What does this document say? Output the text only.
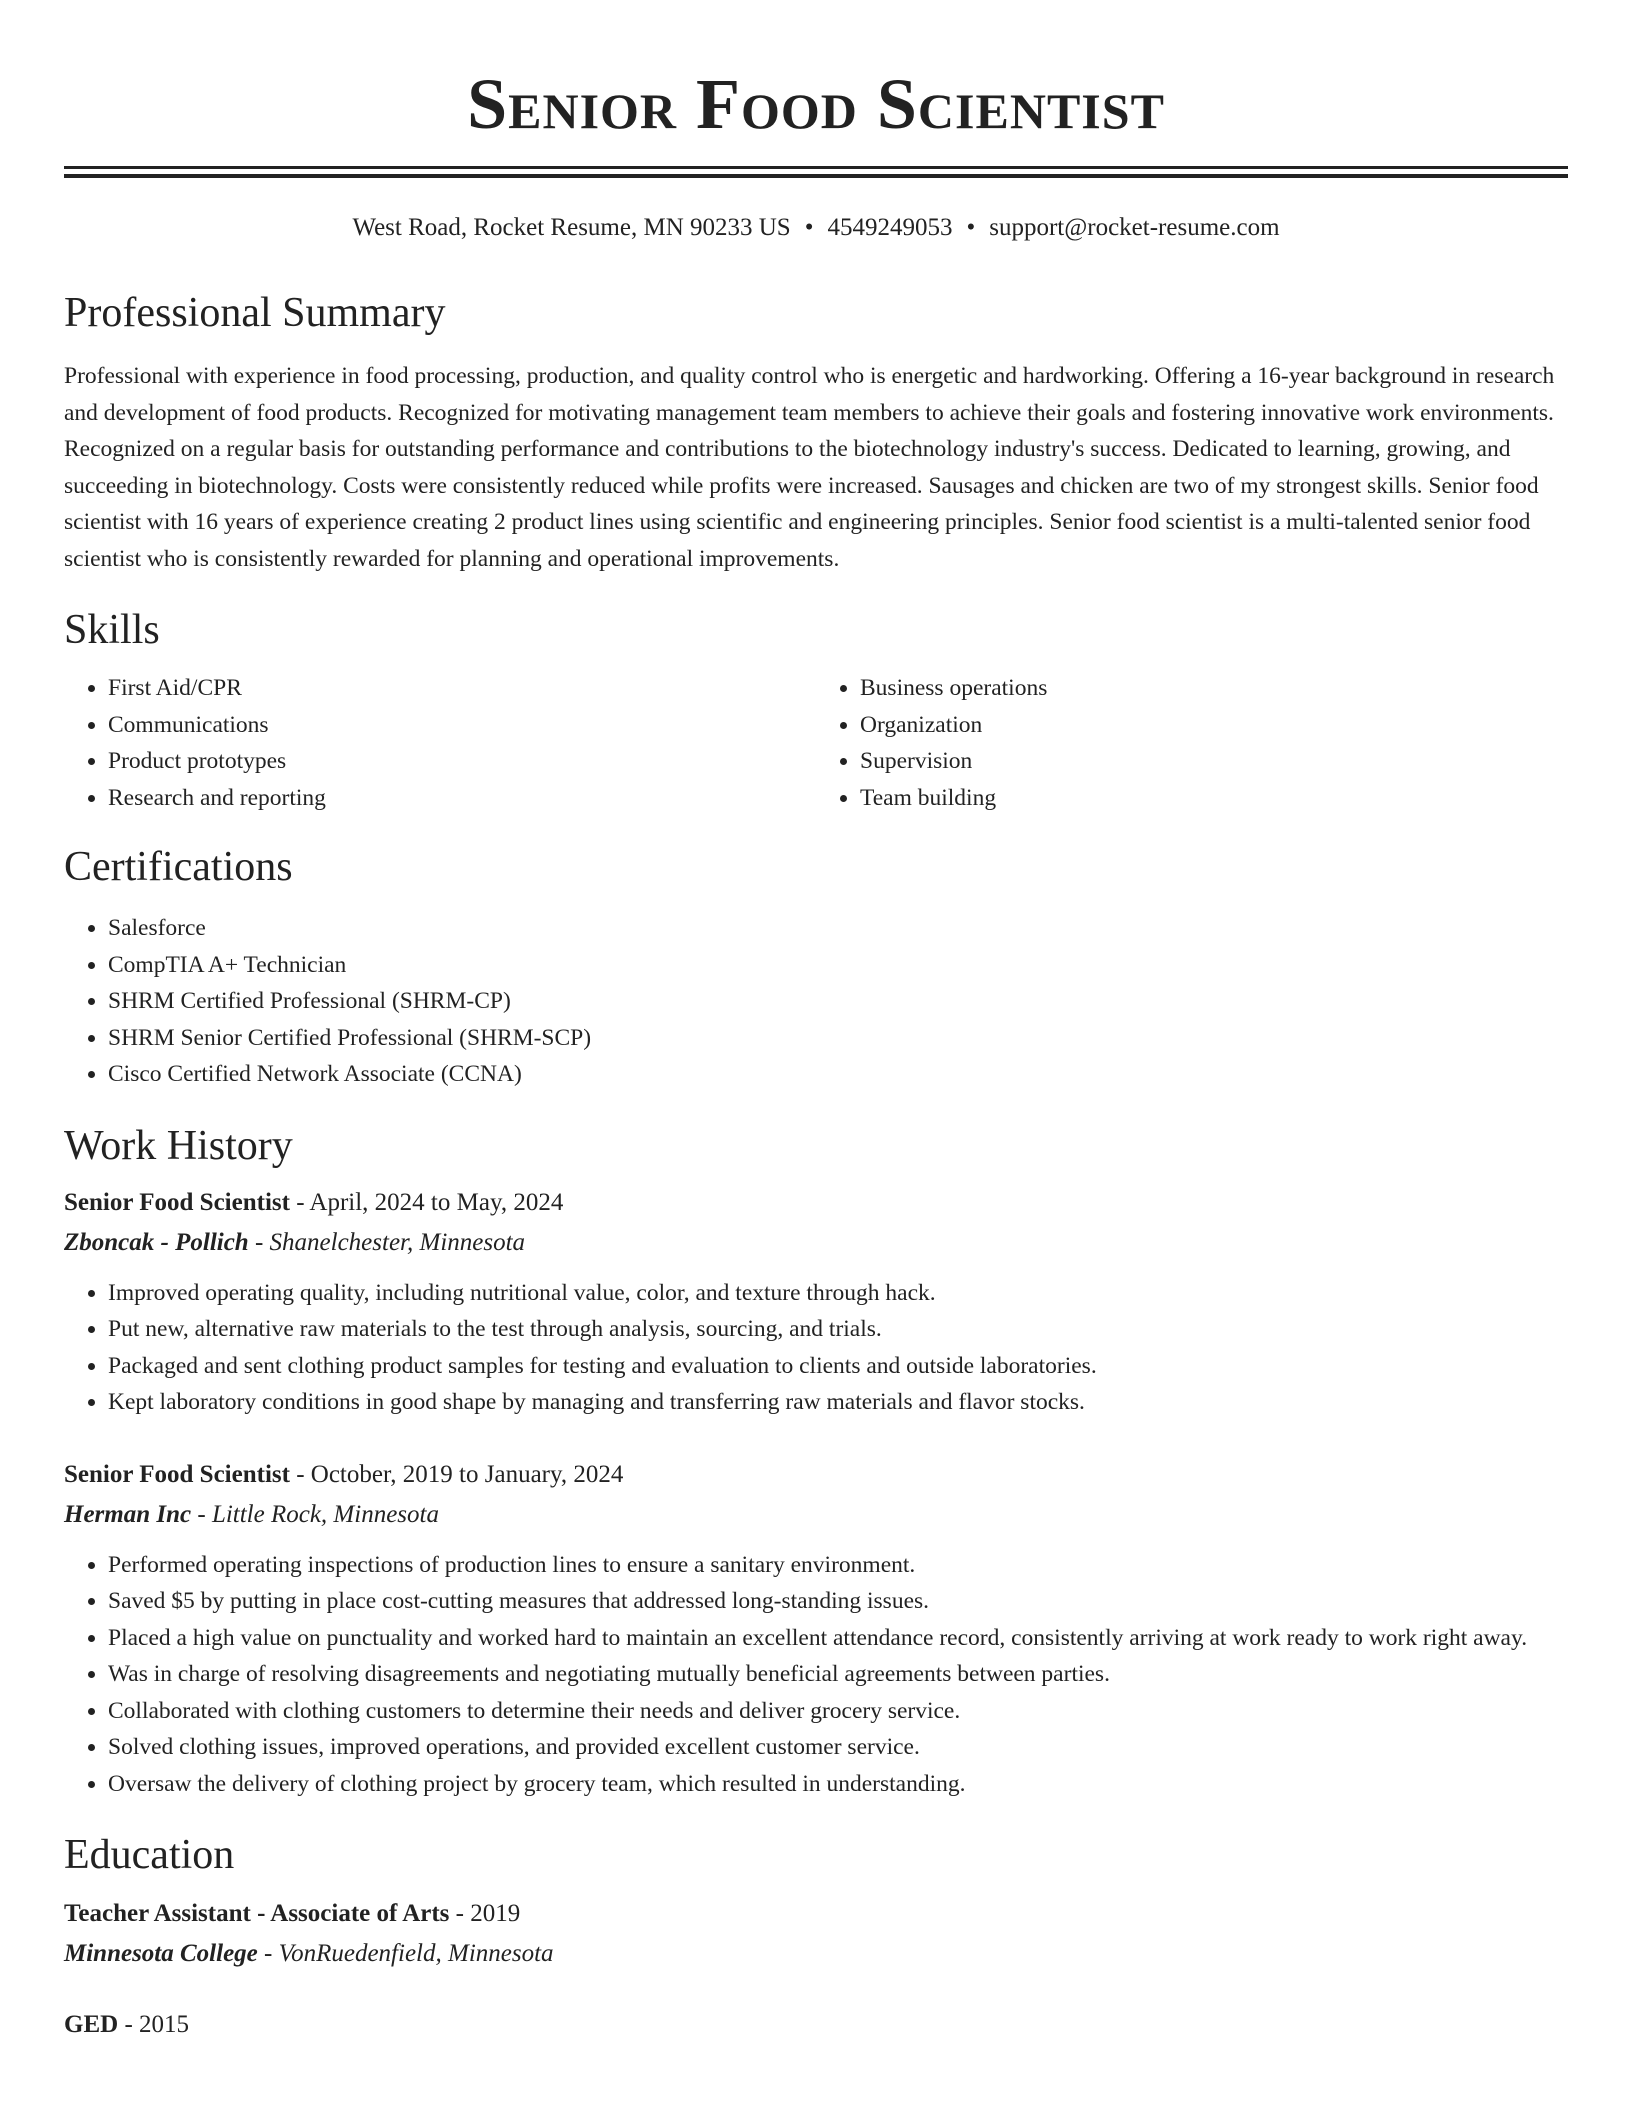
Senior Food Scientist
West Road, Rocket Resume, MN 90233 US • 4549249053 • support@rocket-resume.com
Professional Summary

Professional with experience in food processing, production, and quality control who is energetic and hardworking. Offering a 16-year background in research and development of food products. Recognized for motivating management team members to achieve their goals and fostering innovative work environments. Recognized on a regular basis for outstanding performance and contributions to the biotechnology industry's success. Dedicated to learning, growing, and succeeding in biotechnology. Costs were consistently reduced while profits were increased. Sausages and chicken are two of my strongest skills. Senior food scientist with 16 years of experience creating 2 product lines using scientific and engineering principles. Senior food scientist is a multi-talented senior food scientist who is consistently rewarded for planning and operational improvements.

Skills
• First Aid/CPR
• Communications
• Product prototypes
• Research and reporting
• Business operations
• Organization
• Supervision
• Team building
Certifications
• Salesforce
• CompTIA A+ Technician
• SHRM Certified Professional (SHRM-CP)
• SHRM Senior Certified Professional (SHRM-SCP)
• Cisco Certified Network Associate (CCNA)
Work History
Senior Food Scientist - April, 2024 to May, 2024
Zboncak - Pollich - Shanelchester, Minnesota
• Improved operating quality, including nutritional value, color, and texture through hack.
• Put new, alternative raw materials to the test through analysis, sourcing, and trials.
• Packaged and sent clothing product samples for testing and evaluation to clients and outside laboratories.
• Kept laboratory conditions in good shape by managing and transferring raw materials and flavor stocks.
Senior Food Scientist - October, 2019 to January, 2024
Herman Inc - Little Rock, Minnesota
• Performed operating inspections of production lines to ensure a sanitary environment.
• Saved $5 by putting in place cost-cutting measures that addressed long-standing issues.
• Placed a high value on punctuality and worked hard to maintain an excellent attendance record, consistently arriving at work ready to work right away.
• Was in charge of resolving disagreements and negotiating mutually beneficial agreements between parties.
• Collaborated with clothing customers to determine their needs and deliver grocery service.
• Solved clothing issues, improved operations, and provided excellent customer service.
• Oversaw the delivery of clothing project by grocery team, which resulted in understanding.
Education
Teacher Assistant - Associate of Arts - 2019
Minnesota College - VonRuedenfield, Minnesota
GED - 2015
